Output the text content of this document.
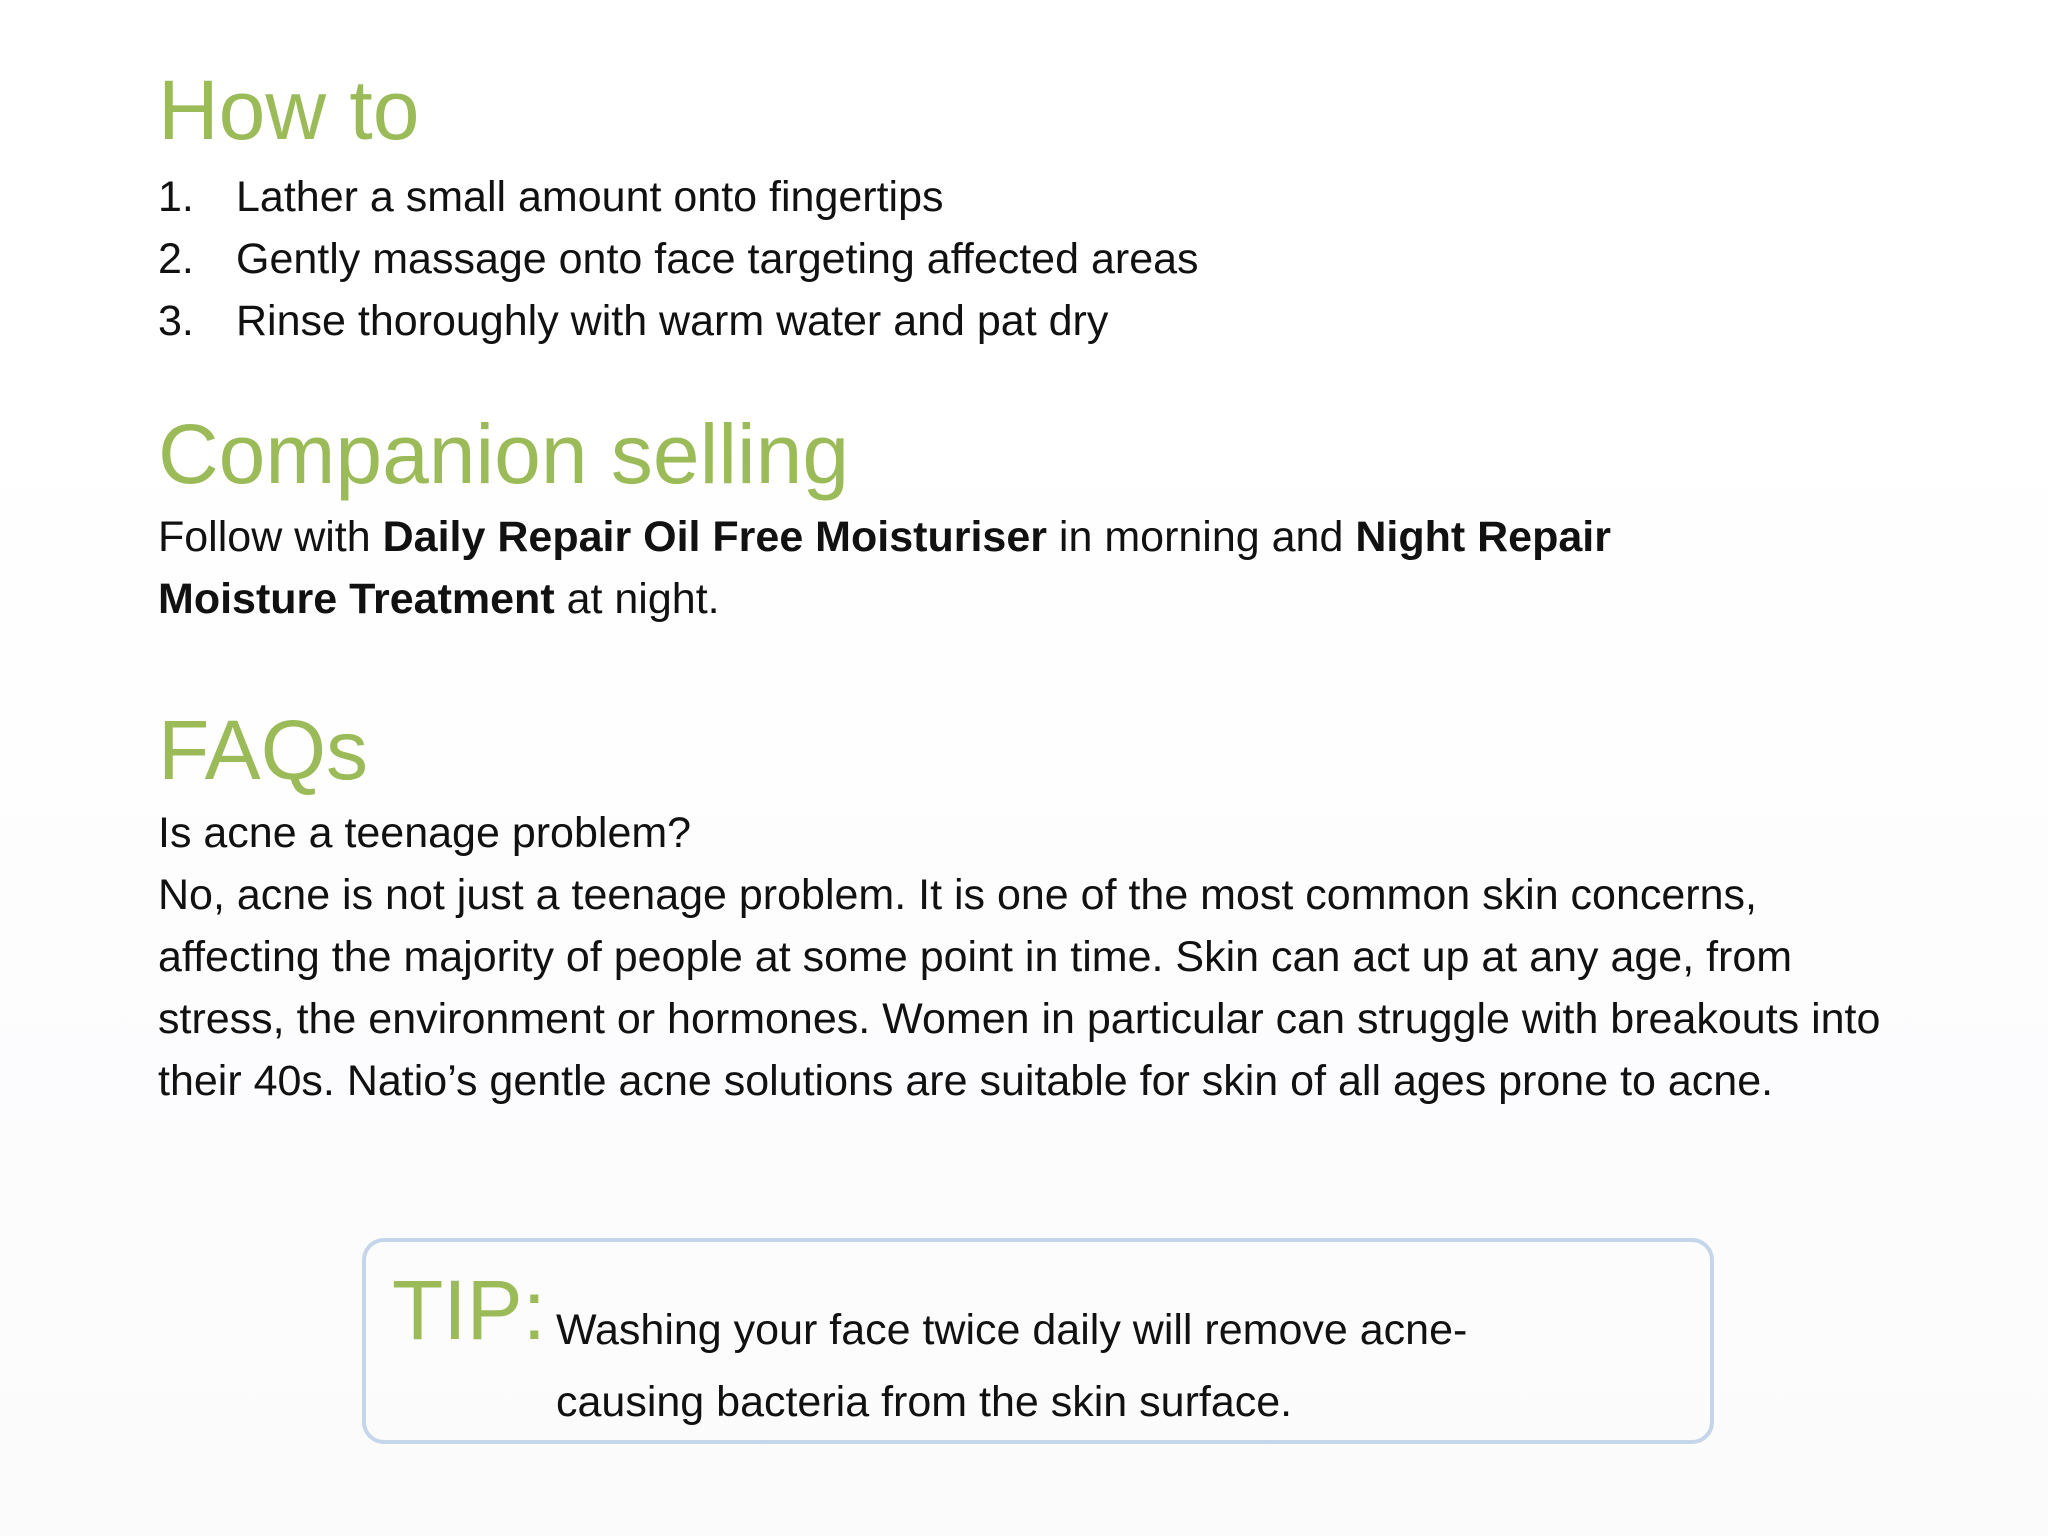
How to
1. Lather a small amount onto fingertips
2. Gently massage onto face targeting affected areas
3. Rinse thoroughly with warm water and pat dry
Companion selling

Follow with Daily Repair Oil Free Moisturiser in morning and Night Repair Moisture Treatment at night.

FAQs

Is acne a teenage problem?

No, acne is not just a teenage problem. It is one of the most common skin concerns, affecting the majority of people at some point in time. Skin can act up at any age, from stress, the environment or hormones. Women in particular can struggle with breakouts into their 40s. Natio’s gentle acne solutions are suitable for skin of all ages prone to acne.

TIP: Washing your face twice daily will remove acne-
causing bacteria from the skin surface.
